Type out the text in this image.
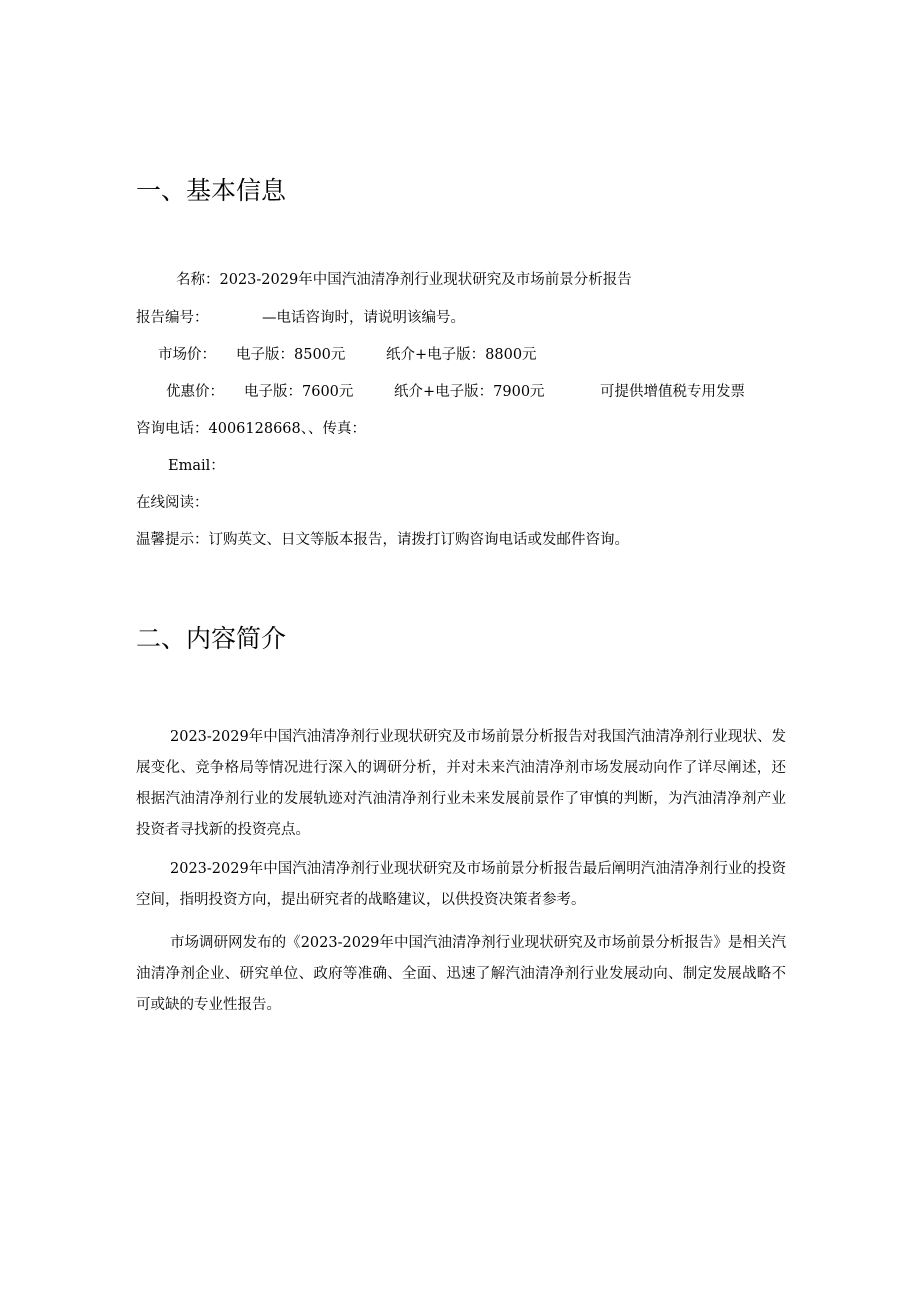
一、基本信息
名称：2023-2029年中国汽油清净剂行业现状研究及市场前景分析报告
报告编号：	—电话咨询时，请说明该编号。
市场价： 电子版：8500元	纸介+电子版：8800元
优惠价： 电子版：7600元	纸介+电子版：7900元	可提供增值税专用发票
咨询电话：4006128668、、传真：
Email：
在线阅读：
温馨提示：订购英文、日文等版本报告，请拨打订购咨询电话或发邮件咨询。
二、内容简介

2023-2029年中国汽油清净剂行业现状研究及市场前景分析报告对我国汽油清净剂行业现状、发展变化、竞争格局等情况进行深入的调研分析，并对未来汽油清净剂市场发展动向作了详尽阐述，还根据汽油清净剂行业的发展轨迹对汽油清净剂行业未来发展前景作了审慎的判断，为汽油清净剂产业投资者寻找新的投资亮点。

2023-2029年中国汽油清净剂行业现状研究及市场前景分析报告最后阐明汽油清净剂行业的投资空间，指明投资方向，提出研究者的战略建议，以供投资决策者参考。

市场调研网发布的《2023-2029年中国汽油清净剂行业现状研究及市场前景分析报告》是相关汽油清净剂企业、研究单位、政府等准确、全面、迅速了解汽油清净剂行业发展动向、制定发展战略不可或缺的专业性报告。
